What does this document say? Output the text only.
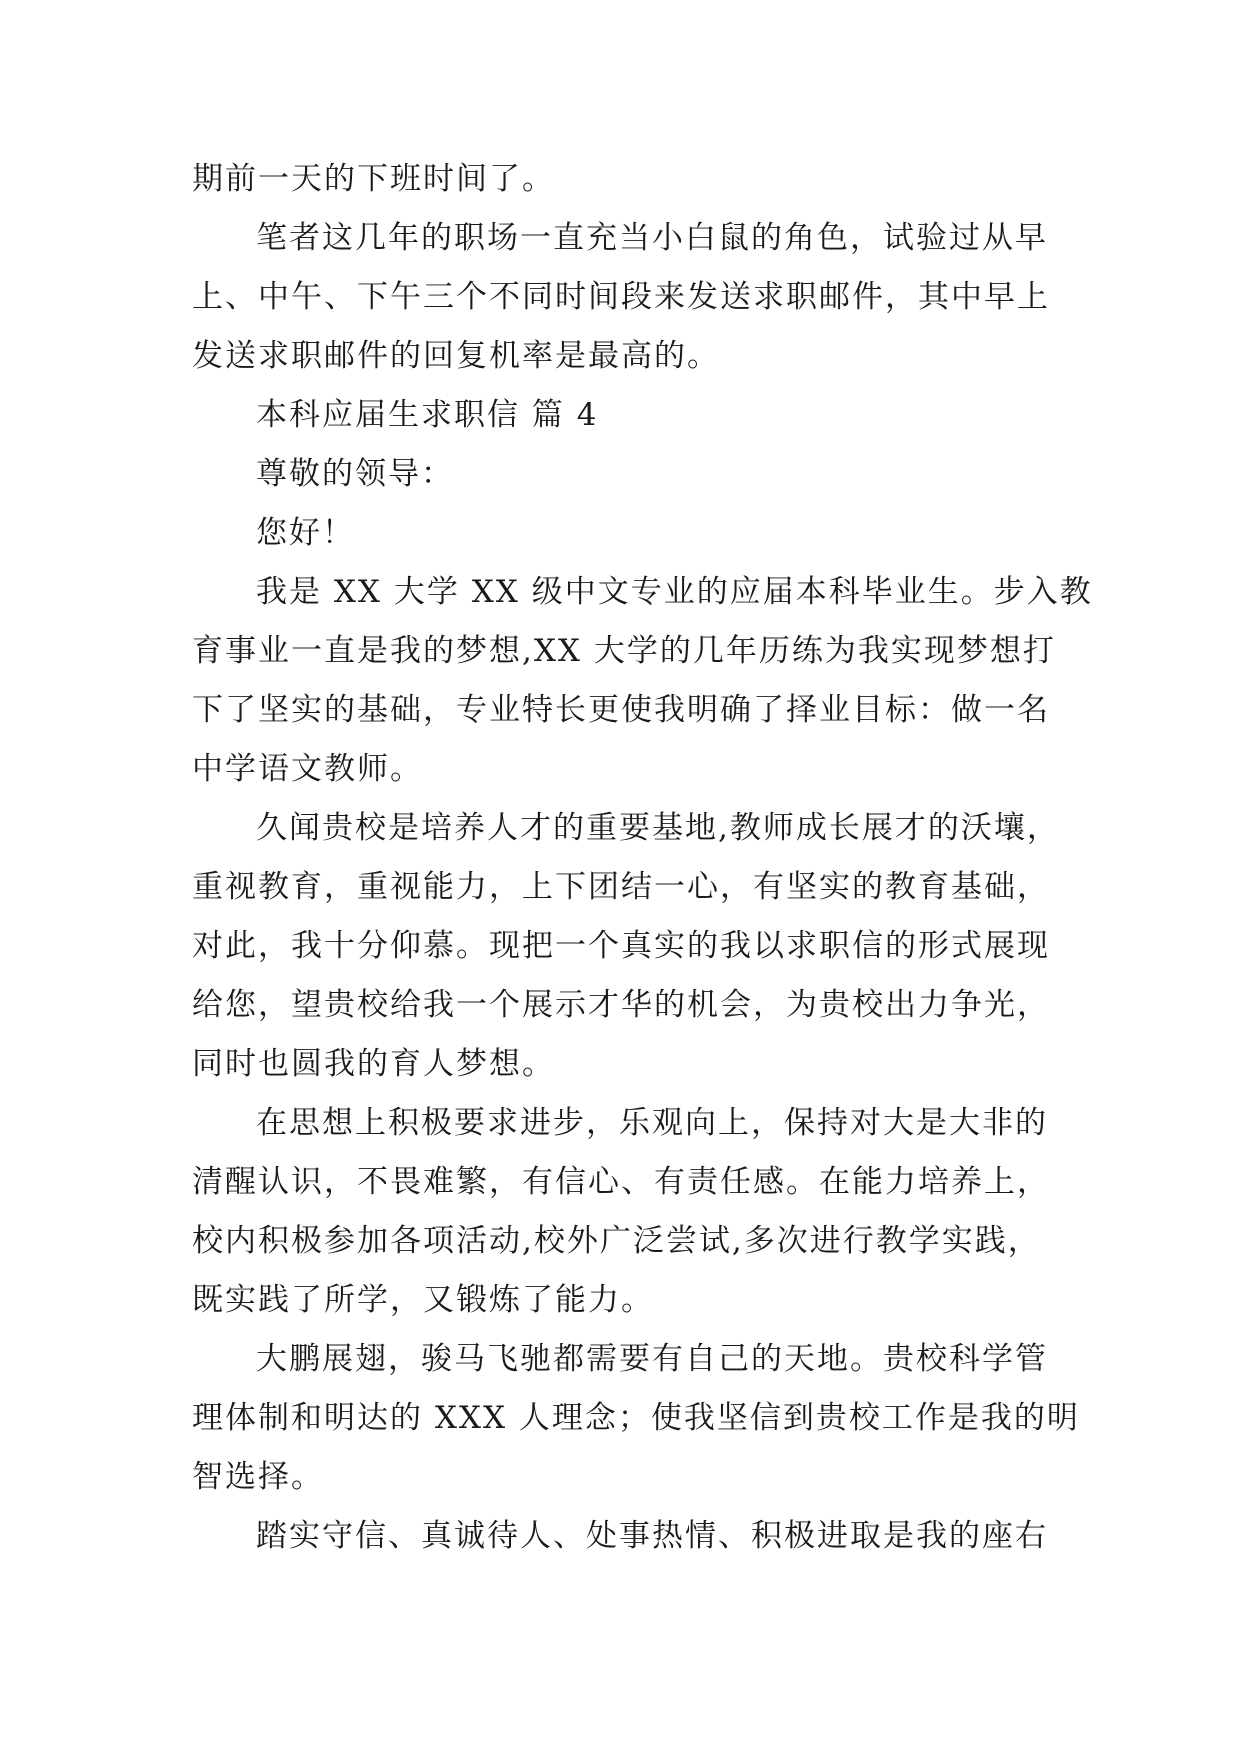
期前一天的下班时间了。
笔者这几年的职场一直充当小白鼠的角色，试验过从早
上、中午、下午三个不同时间段来发送求职邮件，其中早上
发送求职邮件的回复机率是最高的。
本科应届生求职信 篇 4
尊敬的领导：
您好！
我是 XX 大学 XX 级中文专业的应届本科毕业生。步入教
育事业一直是我的梦想,XX 大学的几年历练为我实现梦想打
下了坚实的基础，专业特长更使我明确了择业目标：做一名
中学语文教师。
久闻贵校是培养人才的重要基地,教师成长展才的沃壤，
重视教育，重视能力，上下团结一心，有坚实的教育基础，
对此，我十分仰慕。现把一个真实的我以求职信的形式展现
给您，望贵校给我一个展示才华的机会，为贵校出力争光，
同时也圆我的育人梦想。
在思想上积极要求进步，乐观向上，保持对大是大非的
清醒认识，不畏难繁，有信心、有责任感。在能力培养上，
校内积极参加各项活动,校外广泛尝试,多次进行教学实践，
既实践了所学，又锻炼了能力。
大鹏展翅，骏马飞驰都需要有自己的天地。贵校科学管
理体制和明达的 XXX 人理念；使我坚信到贵校工作是我的明
智选择。
踏实守信、真诚待人、处事热情、积极进取是我的座右
